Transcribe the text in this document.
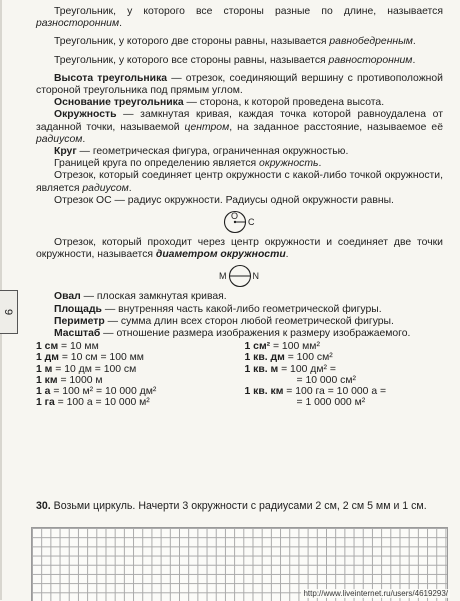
9

Треугольник, у которого все стороны разные по длине, называется разносторонним.

Треугольник, у которого две стороны равны, называется равнобедренным.

Треугольник, у которого все стороны равны, называется равносторонним.

Высота треугольника — отрезок, соединяющий вершину с противоположной стороной треугольника под прямым углом.

Основание треугольника — сторона, к которой проведена высота.

Окружность — замкнутая кривая, каждая точка которой равноудалена от заданной точки, называемой центром, на заданное расстояние, называемое её радиусом.

Круг — геометрическая фигура, ограниченная окружностью.

Границей круга по определению является окружность.

Отрезок, который соединяет центр окружности с какой-либо точкой окружности, является радиусом.

Отрезок ОС — радиус окружности. Радиусы одной окружности равны.

О
С

Отрезок, который проходит через центр окружности и соединяет две точки окружности, называется диаметром окружности.

М	N

Овал — плоская замкнутая кривая.

Площадь — внутренняя часть какой-либо геометрической фигуры.

Периметр — сумма длин всех сторон любой геометрической фигуры.

Масштаб — отношение размера изображения к размеру изображаемого.

1 см = 10 мм
1 дм = 10 см = 100 мм
1 м = 10 дм = 100 см
1 км = 1000 м
1 а = 100 м² = 10 000 дм²
1 га = 100 а = 10 000 м²
1 см² = 100 мм²
1 кв. дм = 100 см²
1 кв. м = 100 дм² =
= 10 000 см²
1 кв. км = 100 га = 10 000 а =
= 1 000 000 м²
30. Возьми циркуль. Начерти 3 окружности с радиусами 2 см, 2 см 5 мм и 1 см.
http://www.liveinternet.ru/users/4619293/
